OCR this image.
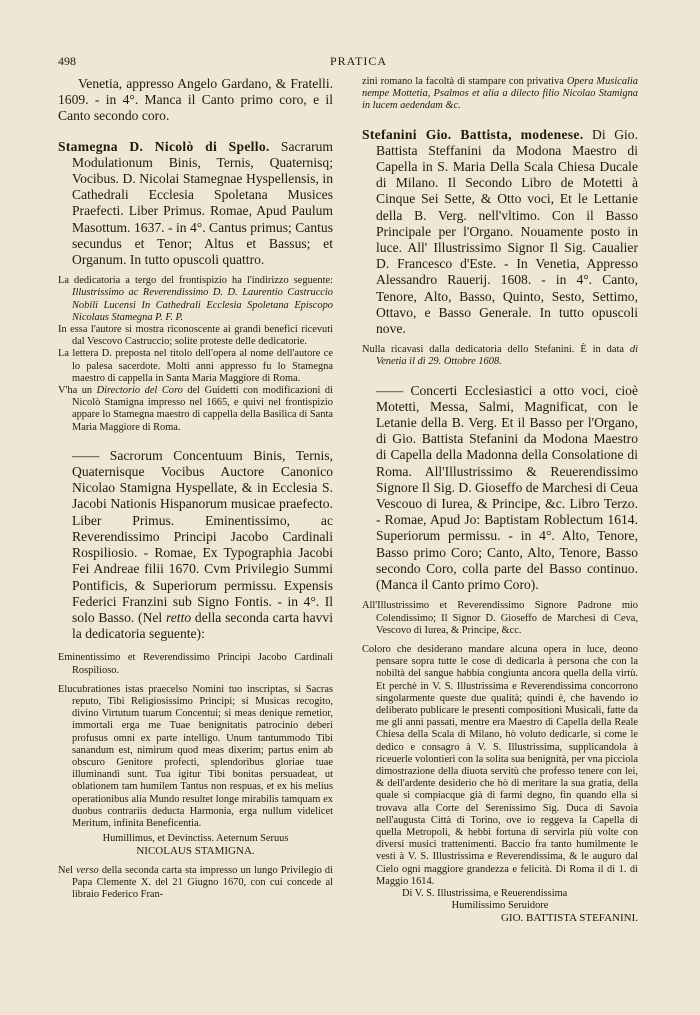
498	PRATICA

Venetia, appresso Angelo Gardano, & Fratelli. 1609. - in 4°. Manca il Canto primo coro, e il Canto secondo coro.

Stamegna D. Nicolò di Spello. Sacrarum Modulationum Binis, Ternis, Quaternisq; Vocibus. D. Nicolai Stamegnae Hyspellensis, in Cathedrali Ecclesia Spoletana Musices Praefecti. Liber Primus. Romae, Apud Paulum Masottum. 1637. - in 4°. Cantus primus; Cantus secundus et Tenor; Altus et Bassus; et Organum. In tutto opuscoli quattro.

La dedicatoria a tergo del frontispizio ha l'indirizzo seguente: Illustrissimo ac Reverendissimo D. D. Laurentio Castruccio Nobili Lucensi In Cathedrali Ecclesia Spoletana Episcopo Nicolaus Stamegna P. F. P.

In essa l'autore si mostra riconoscente ai grandi benefici ricevuti dal Vescovo Castruccio; solite proteste delle dedicatorie.

La lettera D. preposta nel titolo dell'opera al nome dell'autore ce lo palesa sacerdote. Molti anni appresso fu lo Stamegna maestro di cappella in Santa Maria Maggiore di Roma.

V'ha un Directorio del Coro del Guidetti con modificazioni di Nicolò Stamigna impresso nel 1665, e quivi nel frontispizio appare lo Stamegna maestro di cappella della Basilica di Santa Maria Maggiore di Roma.

—— Sacrorum Concentuum Binis, Ternis, Quaternisque Vocibus Auctore Canonico Nicolao Stamigna Hyspellate, & in Ecclesia S. Jacobi Nationis Hispanorum musicae praefecto. Liber Primus. Eminentissimo, ac Reverendissimo Principi Jacobo Cardinali Rospiliosio. - Romae, Ex Typographia Jacobi Fei Andreae filii 1670. Cvm Privilegio Summi Pontificis, & Superiorum permissu. Expensis Federici Franzini sub Signo Fontis. - in 4°. Il solo Basso. (Nel retto della seconda carta havvi la dedicatoria seguente):

Eminentissimo et Reverendissimo Principi Jacobo Cardinali Rospilioso.

Elucubrationes istas praecelso Nomini tuo inscriptas, si Sacras reputo, Tibi Religiosissimo Principi; si Musicas recogito, divino Virtutum tuarum Concentui; si meas denique remetior, immortali erga me Tuae benignitatis patrocinio deberi profusus omni ex parte intelligo. Unum tantummodo Tibi sanandum est, nimirum quod meas dixerim; partus enim ab obscuro Genitore profecti, splendoribus gloriae tuae illuminandi sunt. Tua igitur Tibi bonitas persuadeat, ut oblationem tam humilem Tantus non respuas, et ex his melius operationibus alia Mundo resultet longe mirabilis tamquam ex duobus contrariis deducta Harmonia, erga nullum videlicet Meritum, infinita Beneficentia.

Humillimus, et Devinctiss. Aeternum Seruus

NICOLAUS STAMIGNA.

Nel verso della seconda carta sta impresso un lungo Privilegio di Papa Clemente X. del 21 Giugno 1670, con cui concede al libraio Federico Fran-

zini romano la facoltà di stampare con privativa Opera Musicalia nempe Mottetia, Psalmos et alia a dilecto filio Nicolao Stamigna in lucem aedendam &c.

Stefanini Gio. Battista, modenese. Di Gio. Battista Steffanini da Modona Maestro di Capella in S. Maria Della Scala Chiesa Ducale di Milano. Il Secondo Libro de Motetti à Cinque Sei Sette, & Otto voci, Et le Lettanie della B. Verg. nell'vltimo. Con il Basso Principale per l'Organo. Nouamente posto in luce. All' Illustrissimo Signor Il Sig. Caualier D. Francesco d'Este. - In Venetia, Appresso Alessandro Rauerij. 1608. - in 4°. Canto, Tenore, Alto, Basso, Quinto, Sesto, Settimo, Ottavo, e Basso Generale. In tutto opuscoli nove.

Nulla ricavasi dalla dedicatoria dello Stefanini. È in data di Venetia il dì 29. Ottobre 1608.

—— Concerti Ecclesiastici a otto voci, cioè Motetti, Messa, Salmi, Magnificat, con le Letanie della B. Verg. Et il Basso per l'Organo, di Gio. Battista Stefanini da Modona Maestro di Capella della Madonna della Consolatione di Roma. All'Illustrissimo & Reuerendissimo Signore Il Sig. D. Gioseffo de Marchesi di Ceua Vescouo di Iurea, & Principe, &c. Libro Terzo. - Romae, Apud Jo: Baptistam Roblectum 1614. Superiorum permissu. - in 4°. Alto, Tenore, Basso primo Coro; Canto, Alto, Tenore, Basso secondo Coro, colla parte del Basso continuo. (Manca il Canto primo Coro).

All'Illustrissimo et Reverendissimo Signore Padrone mio Colendissimo; Il Signor D. Gioseffo de Marchesi di Ceva, Vescovo di Iurea, & Principe, &cc.

Coloro che desiderano mandare alcuna opera in luce, deono pensare sopra tutte le cose di dedicarla à persona che con la nobiltà del sangue habbia congiunta ancora quella della virtù. Et perchè in V. S. Illustrissima e Reverendissima concorrono singolarmente queste due qualità; quindi è, che havendo io deliberato publicare le presenti compositioni Musicali, fatte da me gli anni passati, mentre era Maestro di Capella della Reale Chiesa della Scala di Milano, hò voluto dedicarle, si come le dedico e consagro à V. S. Illustrissima, supplicandola à riceuerle volontieri con la solita sua benignità, per vna picciola dimostrazione della diuota servitù che professo tenere con lei, & dell'ardente desiderio che hò di meritare la sua gratia, della quale si compiacque già di farmi degno, fin quando ella si trovava alla Corte del Serenissimo Sig. Duca di Savoia nell'augusta Città di Torino, ove io reggeva la Capella di quella Metropoli, & hebbi fortuna di servirla più volte con diversi musici trattenimenti. Baccio fra tanto humilmente le vesti à V. S. Illustrissima e Reverendissima, & le auguro dal Cielo ogni maggiore grandezza e felicità. Di Roma il di 1. di Maggio 1614.

Di V. S. Illustrissima, e Reuerendissima

Humilissimo Seruidore

GIO. BATTISTA STEFANINI.
